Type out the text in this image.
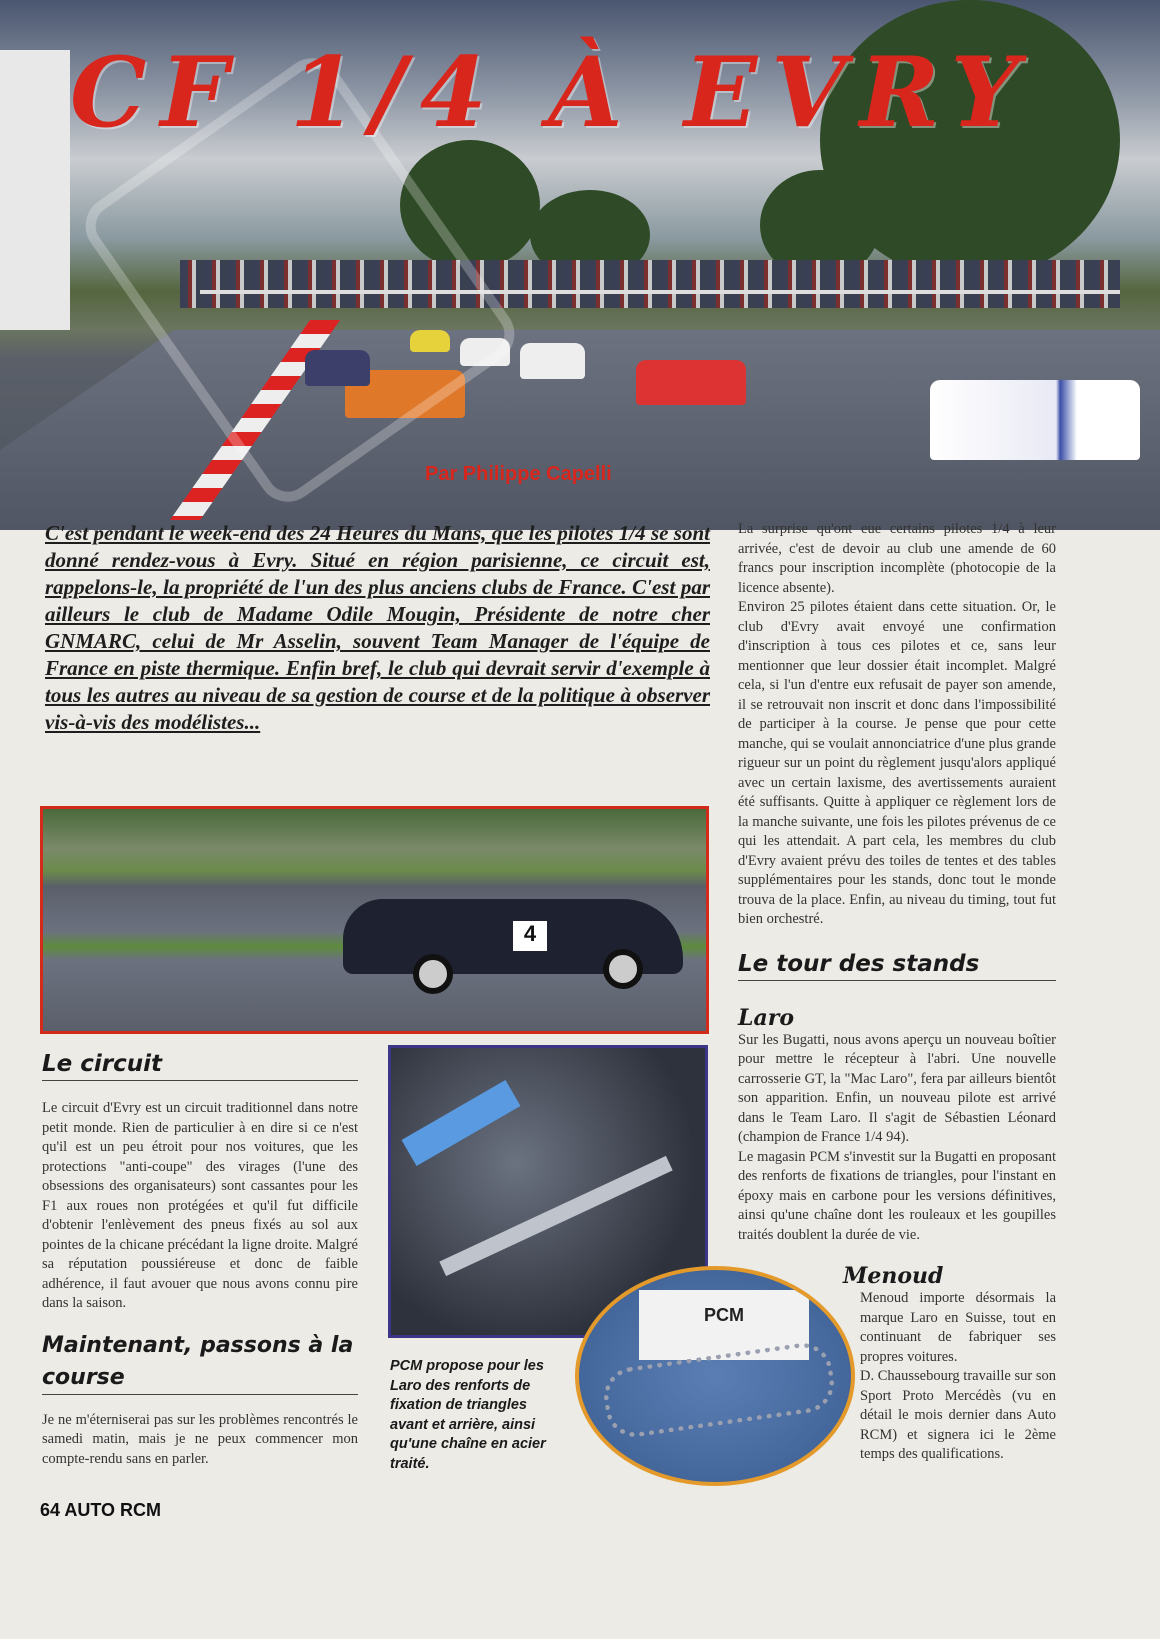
CF 1/4 À EVRY
Par Philippe Capelli

C'est pendant le week-end des 24 Heures du Mans, que les pilotes 1/4 se sont donné rendez-vous à Evry. Situé en région parisienne, ce circuit est, rappelons-le, la propriété de l'un des plus anciens clubs de France. C'est par ailleurs le club de Madame Odile Mougin, Présidente de notre cher GNMARC, celui de Mr Asselin, souvent Team Manager de l'équipe de France en piste thermique. Enfin bref, le club qui devrait servir d'exemple à tous les autres au niveau de sa gestion de course et de la politique à observer vis-à-vis des modélistes...

4
Le circuit

Le circuit d'Evry est un circuit traditionnel dans notre petit monde. Rien de particulier à en dire si ce n'est qu'il est un peu étroit pour nos voitures, que les protections "anti-coupe" des virages (l'une des obsessions des organisateurs) sont cassantes pour les F1 aux roues non protégées et qu'il fut difficile d'obtenir l'enlèvement des pneus fixés au sol aux pointes de la chicane précédant la ligne droite. Malgré sa réputation poussiéreuse et donc de faible adhérence, il faut avouer que nous avons connu pire dans la saison.

Maintenant, passons à la course

Je ne m'éterniserai pas sur les problèmes rencontrés le samedi matin, mais je ne peux commencer mon compte-rendu sans en parler.

PCM propose pour les Laro des renforts de fixation de triangles avant et arrière, ainsi qu'une chaîne en acier traité.

PCM

La surprise qu'ont eue certains pilotes 1/4 à leur arrivée, c'est de devoir au club une amende de 60 francs pour inscription incomplète (photocopie de la licence absente).

Environ 25 pilotes étaient dans cette situation. Or, le club d'Evry avait envoyé une confirmation d'inscription à tous ces pilotes et ce, sans leur mentionner que leur dossier était incomplet. Malgré cela, si l'un d'entre eux refusait de payer son amende, il se retrouvait non inscrit et donc dans l'impossibilité de participer à la course. Je pense que pour cette manche, qui se voulait annonciatrice d'une plus grande rigueur sur un point du règlement jusqu'alors appliqué avec un certain laxisme, des avertissements auraient été suffisants. Quitte à appliquer ce règlement lors de la manche suivante, une fois les pilotes prévenus de ce qui les attendait. A part cela, les membres du club d'Evry avaient prévu des toiles de tentes et des tables supplémentaires pour les stands, donc tout le monde trouva de la place. Enfin, au niveau du timing, tout fut bien orchestré.

Le tour des stands
Laro

Sur les Bugatti, nous avons aperçu un nouveau boîtier pour mettre le récepteur à l'abri. Une nouvelle carrosserie GT, la "Mac Laro", fera par ailleurs bientôt son apparition. Enfin, un nouveau pilote est arrivé dans le Team Laro. Il s'agit de Sébastien Léonard (champion de France 1/4 94).

Le magasin PCM s'investit sur la Bugatti en proposant des renforts de fixations de triangles, pour l'instant en époxy mais en carbone pour les versions définitives, ainsi qu'une chaîne dont les rouleaux et les goupilles traités doublent la durée de vie.

Menoud

Menoud importe désormais la marque Laro en Suisse, tout en continuant de fabriquer ses propres voitures.

D. Chaussebourg travaille sur son Sport Proto Mercédès (vu en détail le mois dernier dans Auto RCM) et signera ici le 2ème temps des qualifications.

64 AUTO RCM
